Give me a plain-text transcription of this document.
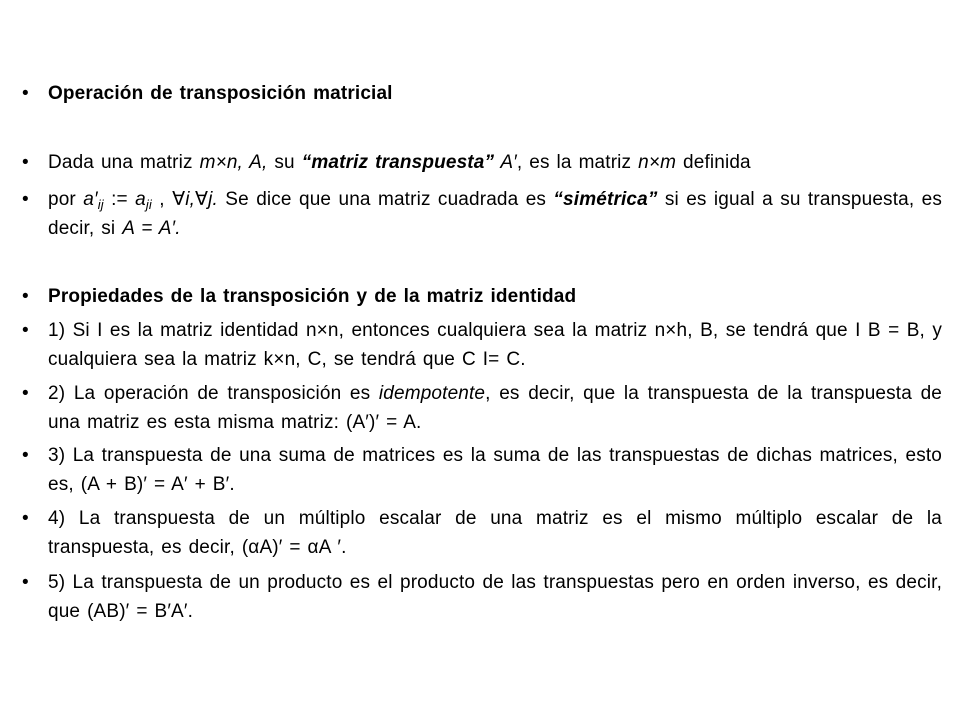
•	Operación de transposición matricial
•	Dada una matriz m×n, A, su “matriz transpuesta” A′, es la matriz n×m definida
•	por $a'_{ij}$ := $a_{ji}$ , ∀i,∀j. Se dice que una matriz cuadrada es “simétrica” si es igual a su transpuesta, es decir, si A = A′.
•	Propiedades de la transposición y de la matriz identidad
•	1) Si I es la matriz identidad n×n, entonces cualquiera sea la matriz n×h, B, se tendrá que I B = B, y cualquiera sea la matriz k×n, C, se tendrá que C I= C.
•	2) La operación de transposición es idempotente, es decir, que la transpuesta de la transpuesta de una matriz es esta misma matriz: (A′)′ = A.
•	3) La transpuesta de una suma de matrices es la suma de las transpuestas de dichas matrices, esto es, (A + B)′ = A′ + B′.
•	4) La transpuesta de un múltiplo escalar de una matriz es el mismo múltiplo escalar de la transpuesta, es decir, (αA)′ = αA ′.
•	5) La transpuesta de un producto es el producto de las transpuestas pero en orden inverso, es decir, que (AB)′ = B′A′.
